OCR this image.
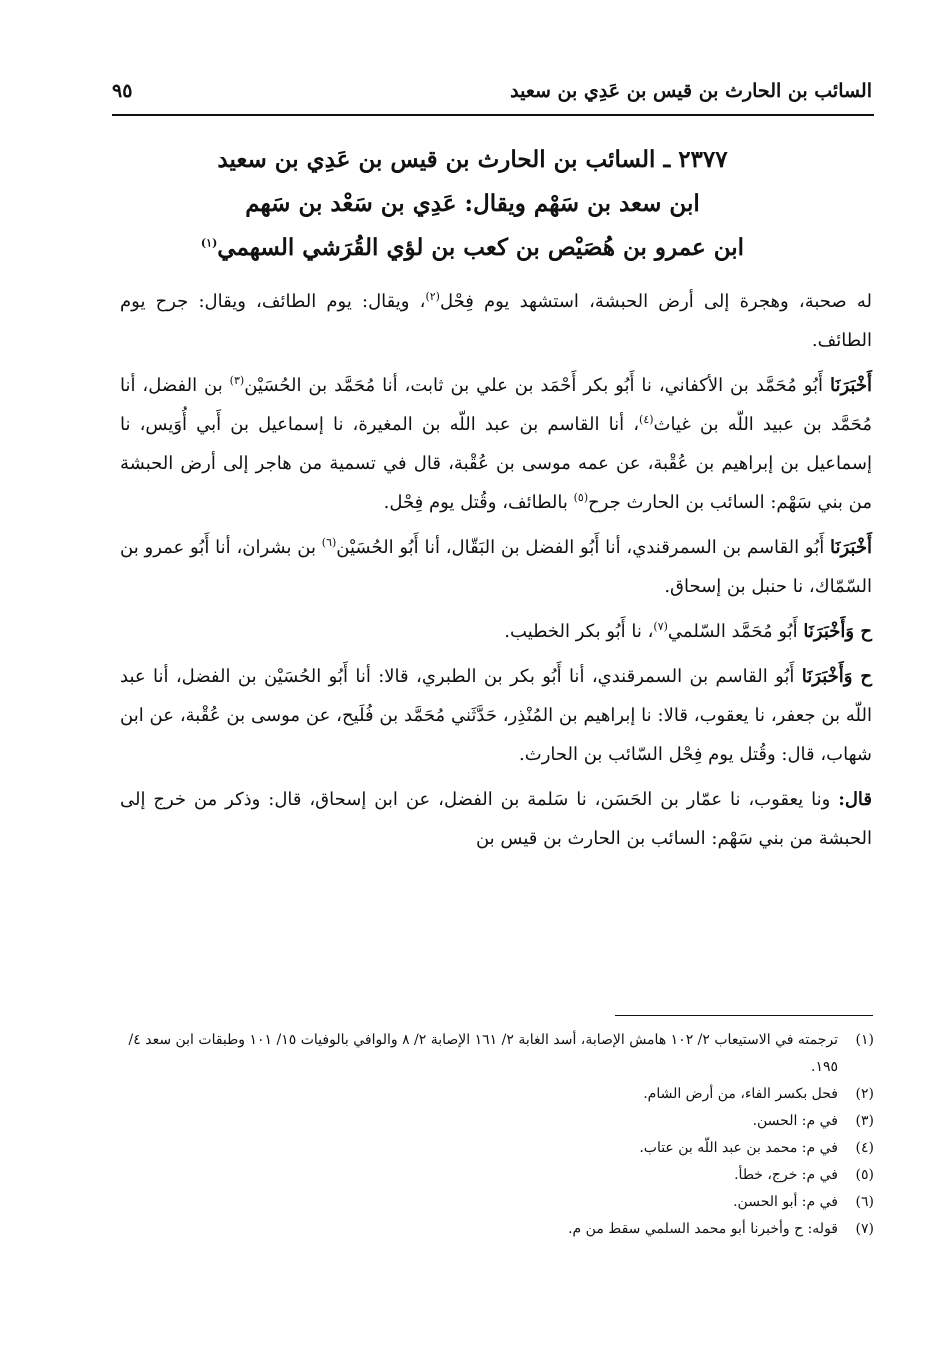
السائب بن الحارث بن قيس بن عَدِي بن سعيد
٩٥
٢٣٧٧ ـ السائب بن الحارث بن قيس بن عَدِي بن سعيد
ابن سعد بن سَهْم ويقال: عَدِي بن سَعْد بن سَهم
ابن عمرو بن هُصَيْص بن كعب بن لؤي القُرَشي السهمي$^{(١)}$

له صحبة، وهجرة إلى أرض الحبشة، استشهد يوم فِحْل$^{(٢)}$، ويقال: يوم الطائف، ويقال: جرح يوم الطائف.

أَخْبَرَنَا أَبُو مُحَمَّد بن الأكفاني، نا أَبُو بكر أَحْمَد بن علي بن ثابت، أنا مُحَمَّد بن الحُسَيْن$^{(٣)}$ بن الفضل، أنا مُحَمَّد بن عبيد اللّه بن غياث$^{(٤)}$، أنا القاسم بن عبد اللّه بن المغيرة، نا إسماعيل بن أَبي أُوَيس، نا إسماعيل بن إبراهيم بن عُقْبة، عن عمه موسى بن عُقْبة، قال في تسمية من هاجر إلى أرض الحبشة من بني سَهْم: السائب بن الحارث جرح$^{(٥)}$ بالطائف، وقُتل يوم فِحْل.

أَخْبَرَنَا أَبُو القاسم بن السمرقندي، أنا أَبُو الفضل بن البَقّال، أنا أَبُو الحُسَيْن$^{(٦)}$ بن بشران، أنا أَبُو عمرو بن السّمّاك، نا حنبل بن إسحاق.

ح وَأَخْبَرَنَا أَبُو مُحَمَّد السّلمي$^{(٧)}$، نا أَبُو بكر الخطيب.

ح وَأَخْبَرَنَا أَبُو القاسم بن السمرقندي، أنا أَبُو بكر بن الطبري، قالا: أنا أَبُو الحُسَيْن بن الفضل، أنا عبد اللّه بن جعفر، نا يعقوب، قالا: نا إبراهيم بن المُنْذِر، حَدَّثَني مُحَمَّد بن فُلَيح، عن موسى بن عُقْبة، عن ابن شهاب، قال: وقُتل يوم فِحْل السّائب بن الحارث.

قال: ونا يعقوب، نا عمّار بن الحَسَن، نا سَلمة بن الفضل، عن ابن إسحاق، قال: وذكر من خرج إلى الحبشة من بني سَهْم: السائب بن الحارث بن قيس بن

(١)
ترجمته في الاستيعاب ٢/ ١٠٢ هامش الإصابة، أسد الغابة ٢/ ١٦١ الإصابة ٢/ ٨ والوافي بالوفيات ١٥/ ١٠١ وطبقات ابن سعد ٤/ ١٩٥.
(٢)
فحل بكسر الفاء، من أرض الشام.
(٣)
في م: الحسن.
(٤)
في م: محمد بن عبد اللّه بن عتاب.
(٥)
في م: خرج، خطأ.
(٦)
في م: أبو الحسن.
(٧)
قوله: ح وأخبرنا أبو محمد السلمي سقط من م.
